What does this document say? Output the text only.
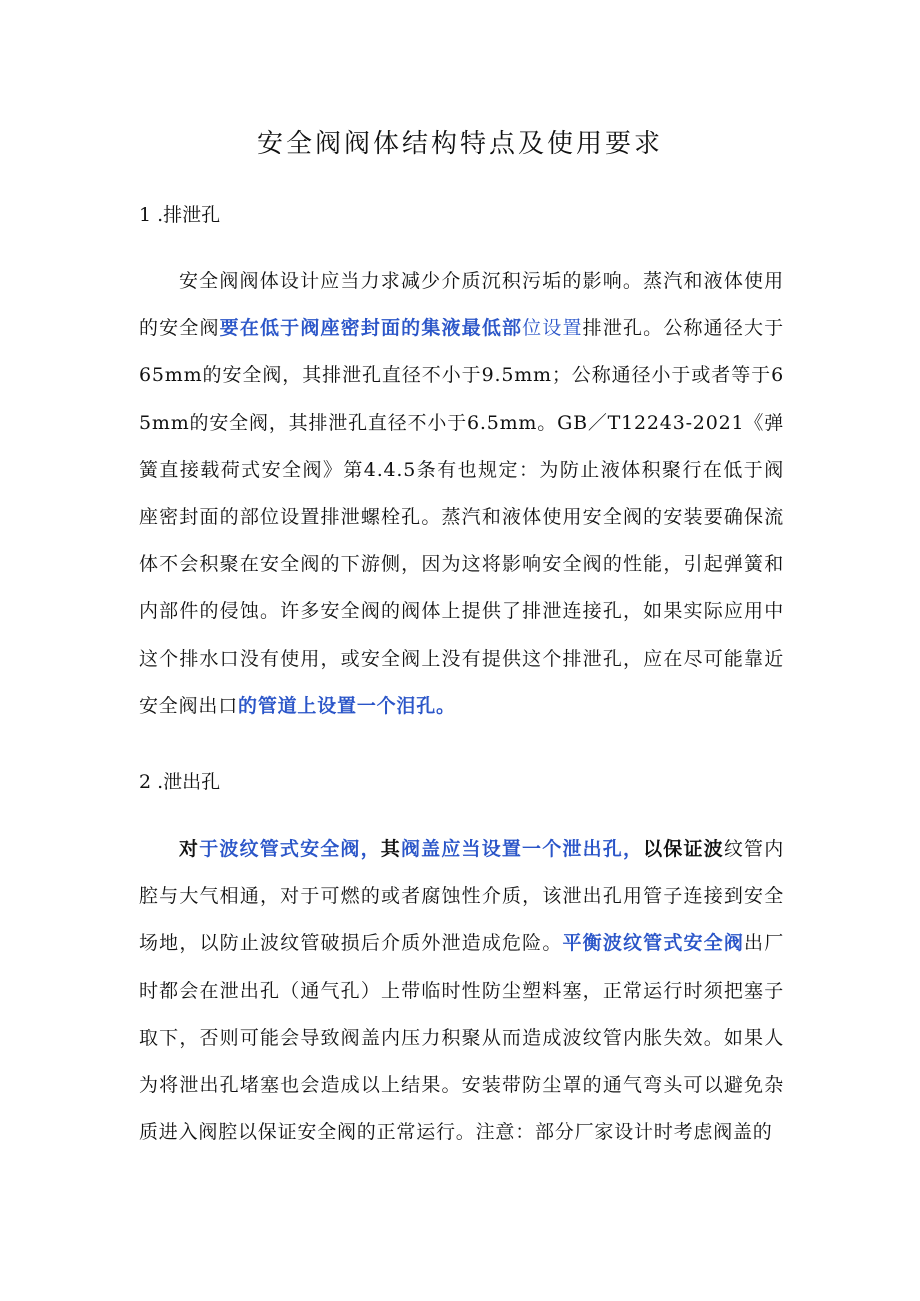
安全阀阀体结构特点及使用要求
1 .排泄孔

安全阀阀体设计应当力求减少介质沉积污垢的影响。蒸汽和液体使用的安全阀要在低于阀座密封面的集液最低部位设置排泄孔。公称通径大于65mm的安全阀，其排泄孔直径不小于9.5mm；公称通径小于或者等于65mm的安全阀，其排泄孔直径不小于6.5mm。GB／T12243-2021《弹簧直接载荷式安全阀》第4.4.5条有也规定：为防止液体积聚行在低于阀座密封面的部位设置排泄螺栓孔。蒸汽和液体使用安全阀的安装要确保流体不会积聚在安全阀的下游侧，因为这将影响安全阀的性能，引起弹簧和内部件的侵蚀。许多安全阀的阀体上提供了排泄连接孔，如果实际应用中这个排水口没有使用，或安全阀上没有提供这个排泄孔，应在尽可能靠近安全阀出口的管道上设置一个泪孔。

2 .泄出孔

对于波纹管式安全阀，其阀盖应当设置一个泄出孔，以保证波纹管内腔与大气相通，对于可燃的或者腐蚀性介质，该泄出孔用管子连接到安全场地，以防止波纹管破损后介质外泄造成危险。平衡波纹管式安全阀出厂时都会在泄出孔（通气孔）上带临时性防尘塑料塞，正常运行时须把塞子取下，否则可能会导致阀盖内压力积聚从而造成波纹管内胀失效。如果人为将泄出孔堵塞也会造成以上结果。安装带防尘罩的通气弯头可以避免杂质进入阀腔以保证安全阀的正常运行。注意：部分厂家设计时考虑阀盖的
